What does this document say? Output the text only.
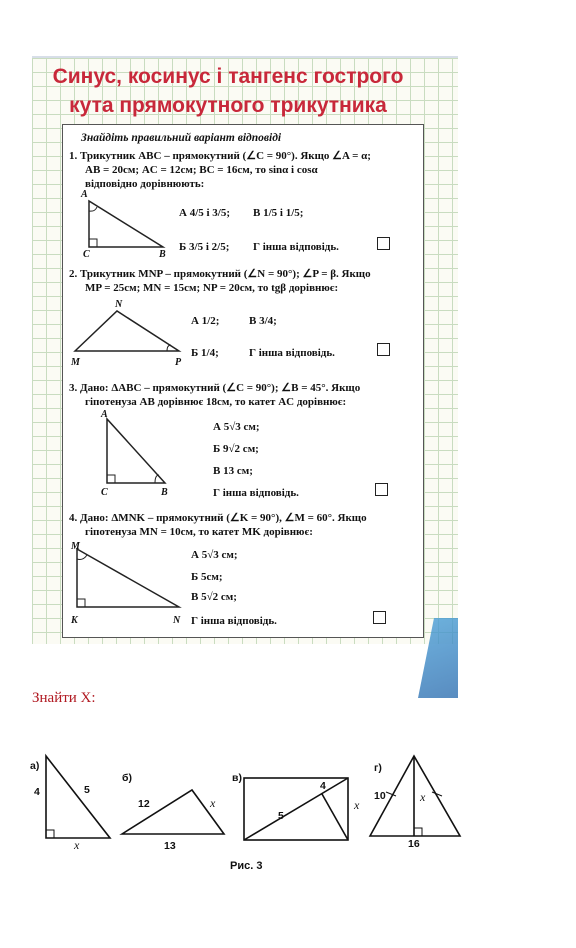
Синус, косинус і тангенс гострого
кута прямокутного трикутника
Знайдіть правильний варіант відповіді
1. Трикутник ABC – прямокутний (∠C = 90°). Якщо ∠A = α;
AB = 20см; AC = 12см; BC = 16см, то sinα і cosα
відповідно дорівнюють:
A
C	B
А 4/5 і 3/5; В 1/5 і 1/5;
Б 3/5 і 2/5; Г інша відповідь.
2. Трикутник MNP – прямокутний (∠N = 90°); ∠P = β. Якщо
MP = 25см; MN = 15см; NP = 20см, то tgβ дорівнює:
N
M	P
А 1/2;	В 3/4;
Б 1/4;	Г інша відповідь.
3. Дано: ΔABC – прямокутний (∠C = 90°); ∠B = 45°. Якщо
гіпотенуза AB дорівнює 18см, то катет AC дорівнює:
A
C	B
А 5√3 см;
Б 9√2 см;
В 13 см;
Г інша відповідь.
4. Дано: ΔMNK – прямокутний (∠K = 90°), ∠M = 60°. Якщо
гіпотенуза MN = 10см, то катет MK дорівнює:
M
K	N
А 5√3 см;
Б 5см;
В 5√2 см;
Г інша відповідь.
Знайти X:
а)
4	5
x
б)
12	x
13
в)
4
5
x
г)
10	x
16
Рис. 3
